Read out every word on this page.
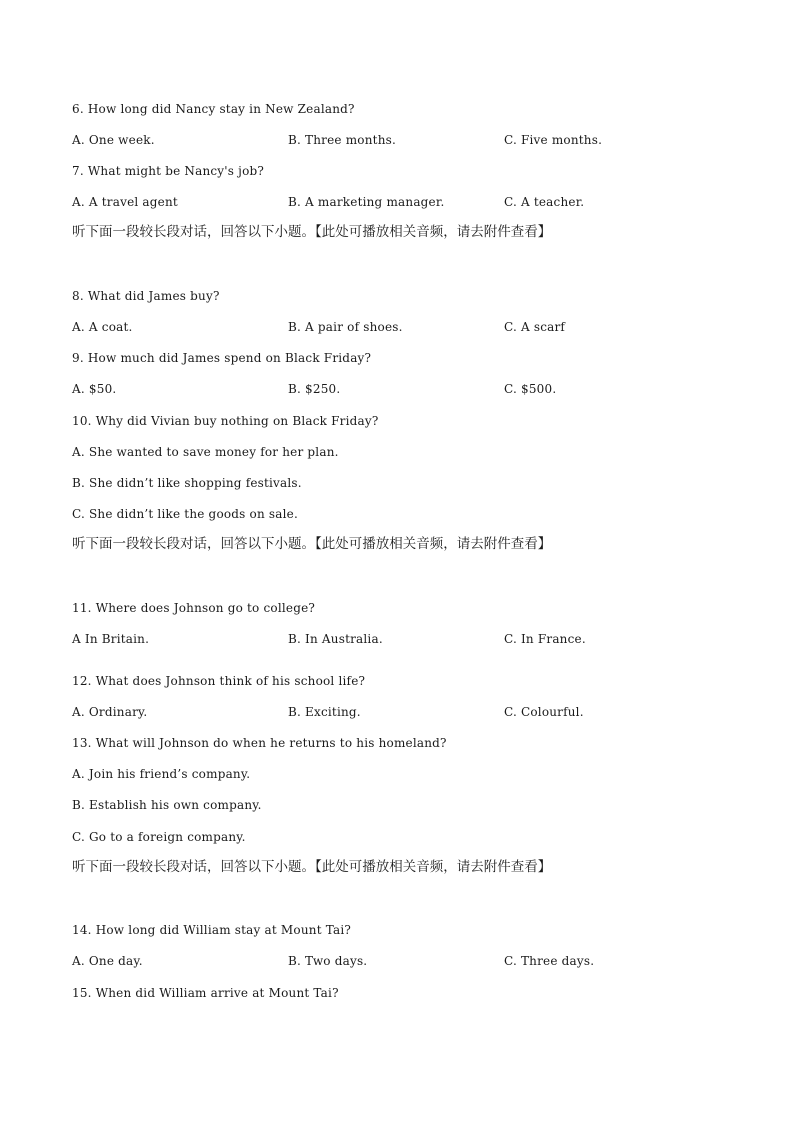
6. How long did Nancy stay in New Zealand?
A. One week.	B. Three months.	C. Five months.
7. What might be Nancy's job?
A. A travel agent	B. A marketing manager.	C. A teacher.
听下面一段较长段对话，回答以下小题。【此处可播放相关音频，请去附件查看】
8. What did James buy?
A. A coat.	B. A pair of shoes.	C. A scarf
9. How much did James spend on Black Friday?
A. $50.	B. $250.	C. $500.
10. Why did Vivian buy nothing on Black Friday?
A. She wanted to save money for her plan.
B. She didn’t like shopping festivals.
C. She didn’t like the goods on sale.
听下面一段较长段对话，回答以下小题。【此处可播放相关音频，请去附件查看】
11. Where does Johnson go to college?
A In Britain.	B. In Australia.	C. In France.
12. What does Johnson think of his school life?
A. Ordinary.	B. Exciting.	C. Colourful.
13. What will Johnson do when he returns to his homeland?
A. Join his friend’s company.
B. Establish his own company.
C. Go to a foreign company.
听下面一段较长段对话，回答以下小题。【此处可播放相关音频，请去附件查看】
14. How long did William stay at Mount Tai?
A. One day.	B. Two days.	C. Three days.
15. When did William arrive at Mount Tai?
